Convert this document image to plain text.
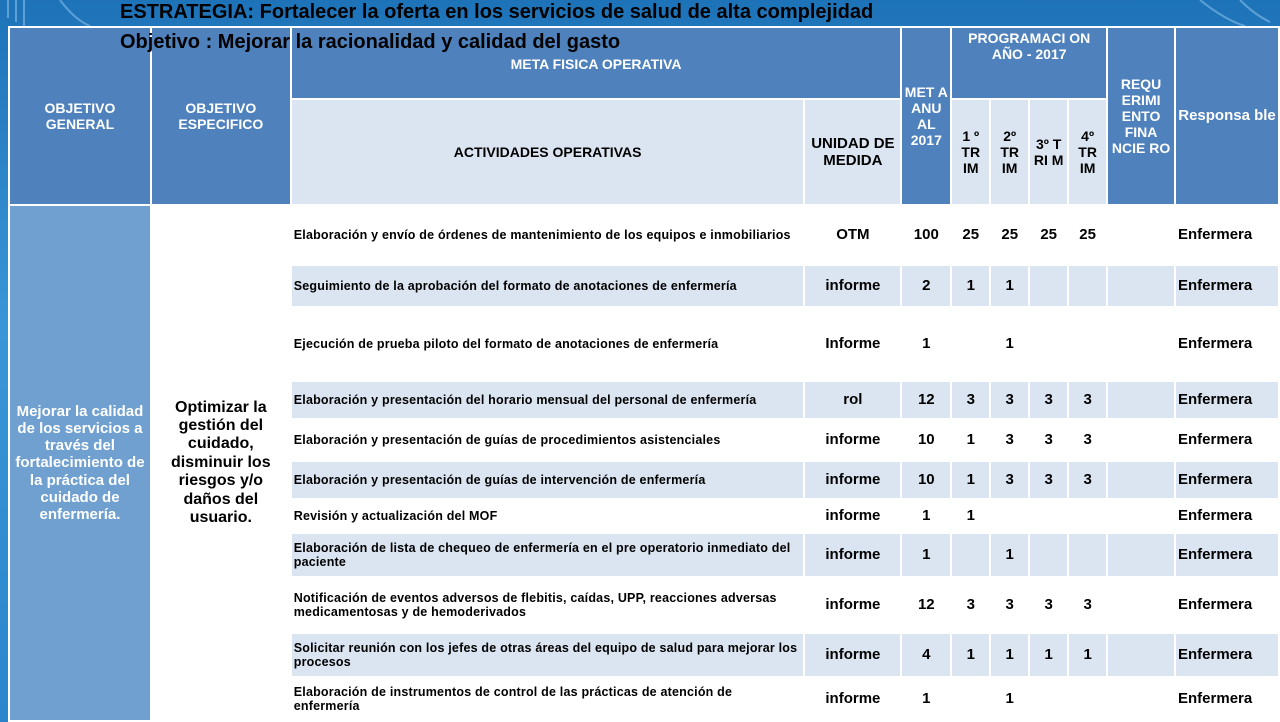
ESTRATEGIA: Fortalecer la oferta en los servicios de salud de alta complejidad
Objetivo : Mejorar la racionalidad y calidad del gasto
OBJETIVO GENERAL	OBJETIVO ESPECIFICO	META FISICA OPERATIVA		MET A ANU AL 2017	PROGRAMACI ON AÑO - 2017				REQU ERIMI ENTO FINA NCIE RO	Responsa ble
		ACTIVIDADES OPERATIVAS	UNIDAD DE MEDIDA		1 º TR IM	2º TR IM	3º T RI M	4º TR IM		
Mejorar la calidad de los servicios a través del fortalecimiento de la práctica del cuidado de enfermería.	Optimizar la gestión del cuidado, disminuir los riesgos y/o daños del usuario.	Elaboración y envío de órdenes de mantenimiento de los equipos e inmobiliarios	OTM	100	25	25	25	25		Enfermera
		Seguimiento de la aprobación del formato de anotaciones de enfermería	informe	2	1	1				Enfermera
		Ejecución de prueba piloto del formato de anotaciones de enfermería	Informe	1		1				Enfermera
		Elaboración y presentación del horario mensual del personal de enfermería	rol	12	3	3	3	3		Enfermera
		Elaboración y presentación de guías de procedimientos asistenciales	informe	10	1	3	3	3		Enfermera
		Elaboración y presentación de guías de intervención de enfermería	informe	10	1	3	3	3		Enfermera
		Revisión y actualización del MOF	informe	1	1					Enfermera
		Elaboración de lista de chequeo de enfermería en el pre operatorio inmediato del paciente	informe	1		1				Enfermera
		Notificación de eventos adversos de flebitis, caídas, UPP, reacciones adversas medicamentosas y de hemoderivados	informe	12	3	3	3	3		Enfermera
		Solicitar reunión con los jefes de otras áreas del equipo de salud para mejorar los procesos	informe	4	1	1	1	1		Enfermera
		Elaboración de instrumentos de control de las prácticas de atención de enfermería	informe	1		1				Enfermera
